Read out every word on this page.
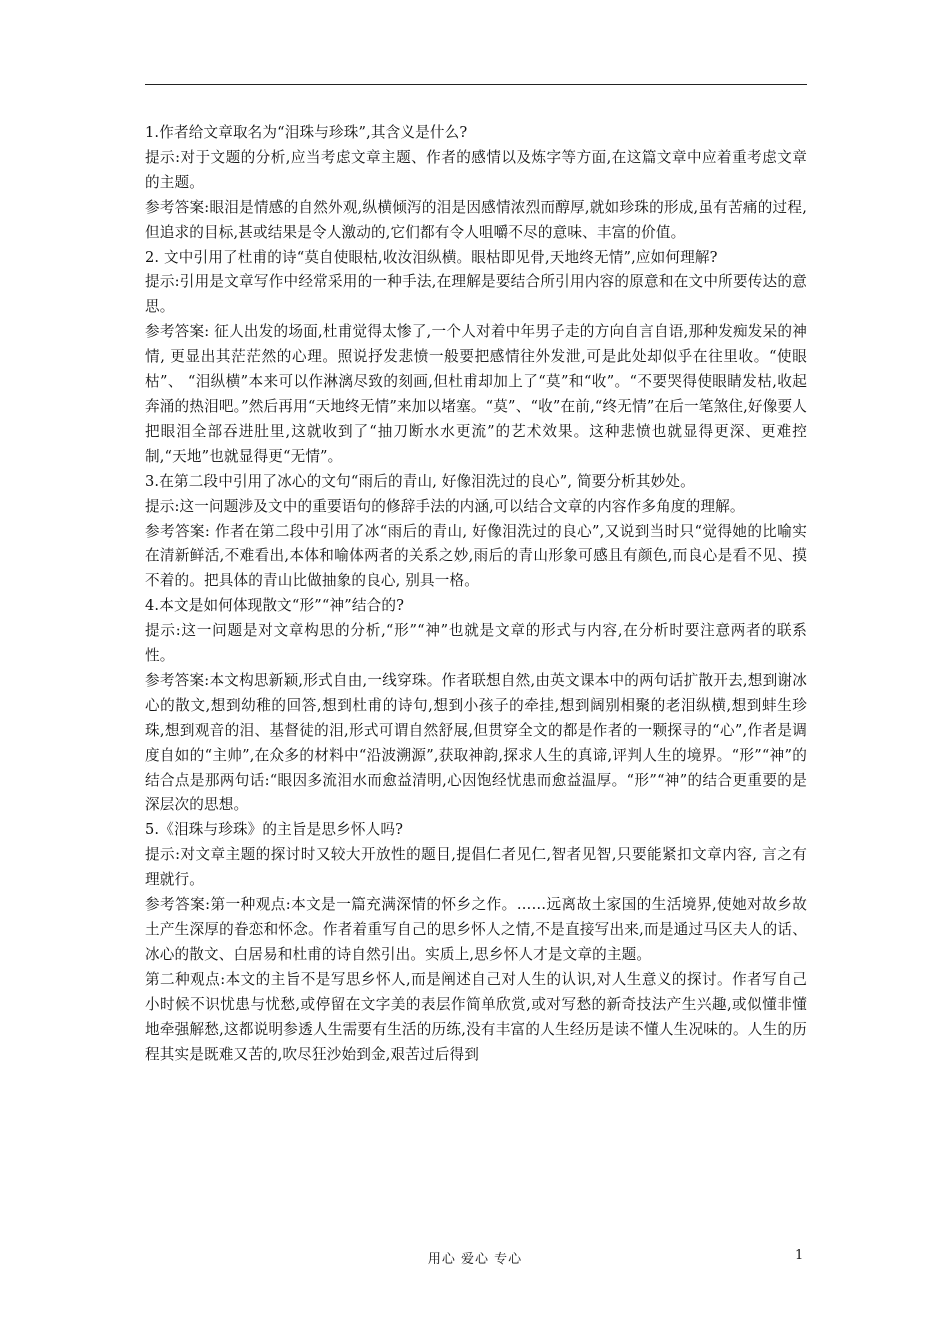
1.作者给文章取名为“泪珠与珍珠”,其含义是什么?

提示:对于文题的分析,应当考虑文章主题、作者的感情以及炼字等方面,在这篇文章中应着重考虑文章的主题。

参考答案:眼泪是情感的自然外观,纵横倾泻的泪是因感情浓烈而醇厚,就如珍珠的形成,虽有苦痛的过程, 但追求的目标,甚或结果是令人激动的,它们都有令人咀嚼不尽的意味、丰富的价值。

2. 文中引用了杜甫的诗“莫自使眼枯,收汝泪纵横。眼枯即见骨,天地终无情”,应如何理解?

提示:引用是文章写作中经常采用的一种手法,在理解是要结合所引用内容的原意和在文中所要传达的意思。

参考答案: 征人出发的场面,杜甫觉得太惨了,一个人对着中年男子走的方向自言自语,那种发痴发呆的神情, 更显出其茫茫然的心理。照说抒发悲愤一般要把感情往外发泄,可是此处却似乎在往里收。“使眼枯”、 “泪纵横”本来可以作淋漓尽致的刻画,但杜甫却加上了“莫”和“收”。“不要哭得使眼睛发枯,收起奔涌的热泪吧。”然后再用“天地终无情”来加以堵塞。“莫”、“收”在前,“终无情”在后一笔煞住,好像要人把眼泪全部吞进肚里,这就收到了“抽刀断水水更流”的艺术效果。这种悲愤也就显得更深、更难控制,“天地”也就显得更“无情”。

3.在第二段中引用了冰心的文句“雨后的青山, 好像泪洗过的良心”, 简要分析其妙处。

提示:这一问题涉及文中的重要语句的修辞手法的内涵,可以结合文章的内容作多角度的理解。

参考答案: 作者在第二段中引用了冰“雨后的青山, 好像泪洗过的良心”,又说到当时只“觉得她的比喻实在清新鲜活,不难看出,本体和喻体两者的关系之妙,雨后的青山形象可感且有颜色,而良心是看不见、摸不着的。把具体的青山比做抽象的良心, 别具一格。

4.本文是如何体现散文“形”“神”结合的?

提示:这一问题是对文章构思的分析,“形”“神”也就是文章的形式与内容,在分析时要注意两者的联系性。

参考答案:本文构思新颖,形式自由,一线穿珠。作者联想自然,由英文课本中的两句话扩散开去,想到谢冰心的散文,想到幼稚的回答,想到杜甫的诗句,想到小孩子的牵挂,想到阔别相聚的老泪纵横,想到蚌生珍珠,想到观音的泪、基督徒的泪,形式可谓自然舒展,但贯穿全文的都是作者的一颗探寻的“心”,作者是调度自如的“主帅”,在众多的材料中“沿波溯源”,获取神韵,探求人生的真谛,评判人生的境界。“形”“神”的结合点是那两句话:“眼因多流泪水而愈益清明,心因饱经忧患而愈益温厚。“形”“神”的结合更重要的是深层次的思想。

5.《泪珠与珍珠》的主旨是思乡怀人吗?

提示:对文章主题的探讨时又较大开放性的题目,提倡仁者见仁,智者见智,只要能紧扣文章内容, 言之有理就行。

参考答案:第一种观点:本文是一篇充满深情的怀乡之作。……远离故土家国的生活境界,使她对故乡故土产生深厚的眷恋和怀念。作者着重写自己的思乡怀人之情,不是直接写出来,而是通过马区夫人的话、冰心的散文、白居易和杜甫的诗自然引出。实质上,思乡怀人才是文章的主题。

第二种观点:本文的主旨不是写思乡怀人,而是阐述自己对人生的认识,对人生意义的探讨。作者写自己小时候不识忧患与忧愁,或停留在文字美的表层作简单欣赏,或对写愁的新奇技法产生兴趣,或似懂非懂地牵强解愁,这都说明参透人生需要有生活的历练,没有丰富的人生经历是读不懂人生况味的。人生的历程其实是既难又苦的,吹尽狂沙始到金,艰苦过后得到

用心 爱心 专心	1
